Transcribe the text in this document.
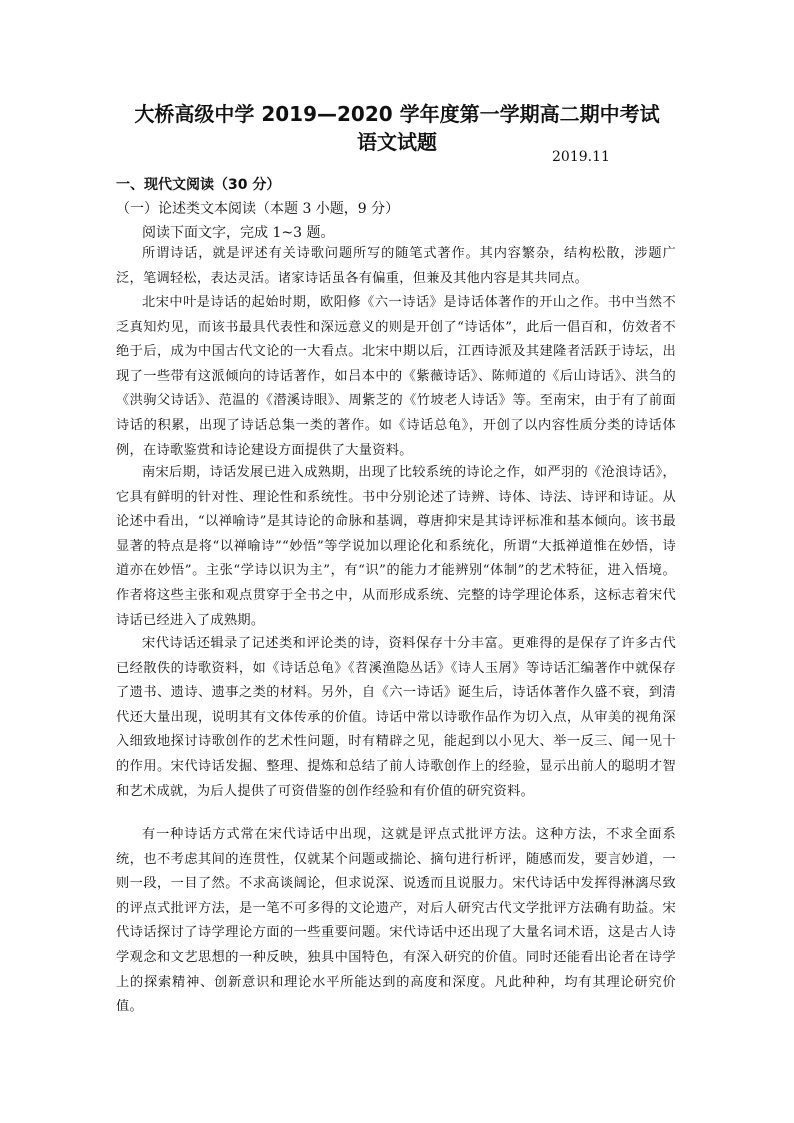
大桥高级中学 2019—2020 学年度第一学期高二期中考试
语文试题
2019.11
一、现代文阅读（30 分）
（一）论述类文本阅读（本题 3 小题，9 分）
阅读下面文字，完成 1~3 题。

所谓诗话，就是评述有关诗歌问题所写的随笔式著作。其内容繁杂，结构松散，涉题广泛，笔调轻松，表达灵活。诸家诗话虽各有偏重，但兼及其他内容是其共同点。

北宋中叶是诗话的起始时期，欧阳修《六一诗话》是诗话体著作的开山之作。书中当然不乏真知灼见，而该书最具代表性和深远意义的则是开创了“诗话体”，此后一倡百和，仿效者不绝于后，成为中国古代文论的一大看点。北宋中期以后，江西诗派及其建隆者活跃于诗坛，出现了一些带有这派倾向的诗话著作，如吕本中的《紫薇诗话》、陈师道的《后山诗话》、洪刍的《洪驹父诗话》、范温的《潜溪诗眼》、周紫芝的《竹坡老人诗话》等。至南宋，由于有了前面诗话的积累，出现了诗话总集一类的著作。如《诗话总龟》，开创了以内容性质分类的诗话体例，在诗歌鉴赏和诗论建设方面提供了大量资料。

南宋后期，诗话发展已进入成熟期，出现了比较系统的诗论之作，如严羽的《沧浪诗话》，它具有鲜明的针对性、理论性和系统性。书中分别论述了诗辨、诗体、诗法、诗评和诗证。从论述中看出，“以禅喻诗”是其诗论的命脉和基调，尊唐抑宋是其诗评标准和基本倾向。该书最显著的特点是将“以禅喻诗”“妙悟”等学说加以理论化和系统化，所谓“大抵禅道惟在妙悟，诗道亦在妙悟”。主张“学诗以识为主”，有“识”的能力才能辨别“体制”的艺术特征，进入悟境。作者将这些主张和观点贯穿于全书之中，从而形成系统、完整的诗学理论体系，这标志着宋代诗话已经进入了成熟期。

宋代诗话还辑录了记述类和评论类的诗，资料保存十分丰富。更难得的是保存了许多古代已经散佚的诗歌资料，如《诗话总龟》《苕溪渔隐丛话》《诗人玉屑》等诗话汇编著作中就保存了遗书、遗诗、遗事之类的材料。另外，自《六一诗话》诞生后，诗话体著作久盛不衰，到清代还大量出现，说明其有文体传承的价值。诗话中常以诗歌作品作为切入点，从审美的视角深入细致地探讨诗歌创作的艺术性问题，时有精辟之见，能起到以小见大、举一反三、闻一见十的作用。宋代诗话发掘、整理、提炼和总结了前人诗歌创作上的经验，显示出前人的聪明才智和艺术成就，为后人提供了可资借鉴的创作经验和有价值的研究资料。

有一种诗话方式常在宋代诗话中出现，这就是评点式批评方法。这种方法，不求全面系统，也不考虑其间的连贯性，仅就某个问题或揣论、摘句进行析评，随感而发，要言妙道，一则一段，一目了然。不求高谈阔论，但求说深、说透而且说服力。宋代诗话中发挥得淋漓尽致的评点式批评方法，是一笔不可多得的文论遗产，对后人研究古代文学批评方法确有助益。宋代诗话探讨了诗学理论方面的一些重要问题。宋代诗话中还出现了大量名词术语，这是古人诗学观念和文艺思想的一种反映，独具中国特色，有深入研究的价值。同时还能看出论者在诗学上的探索精神、创新意识和理论水平所能达到的高度和深度。凡此种种，均有其理论研究价值。
